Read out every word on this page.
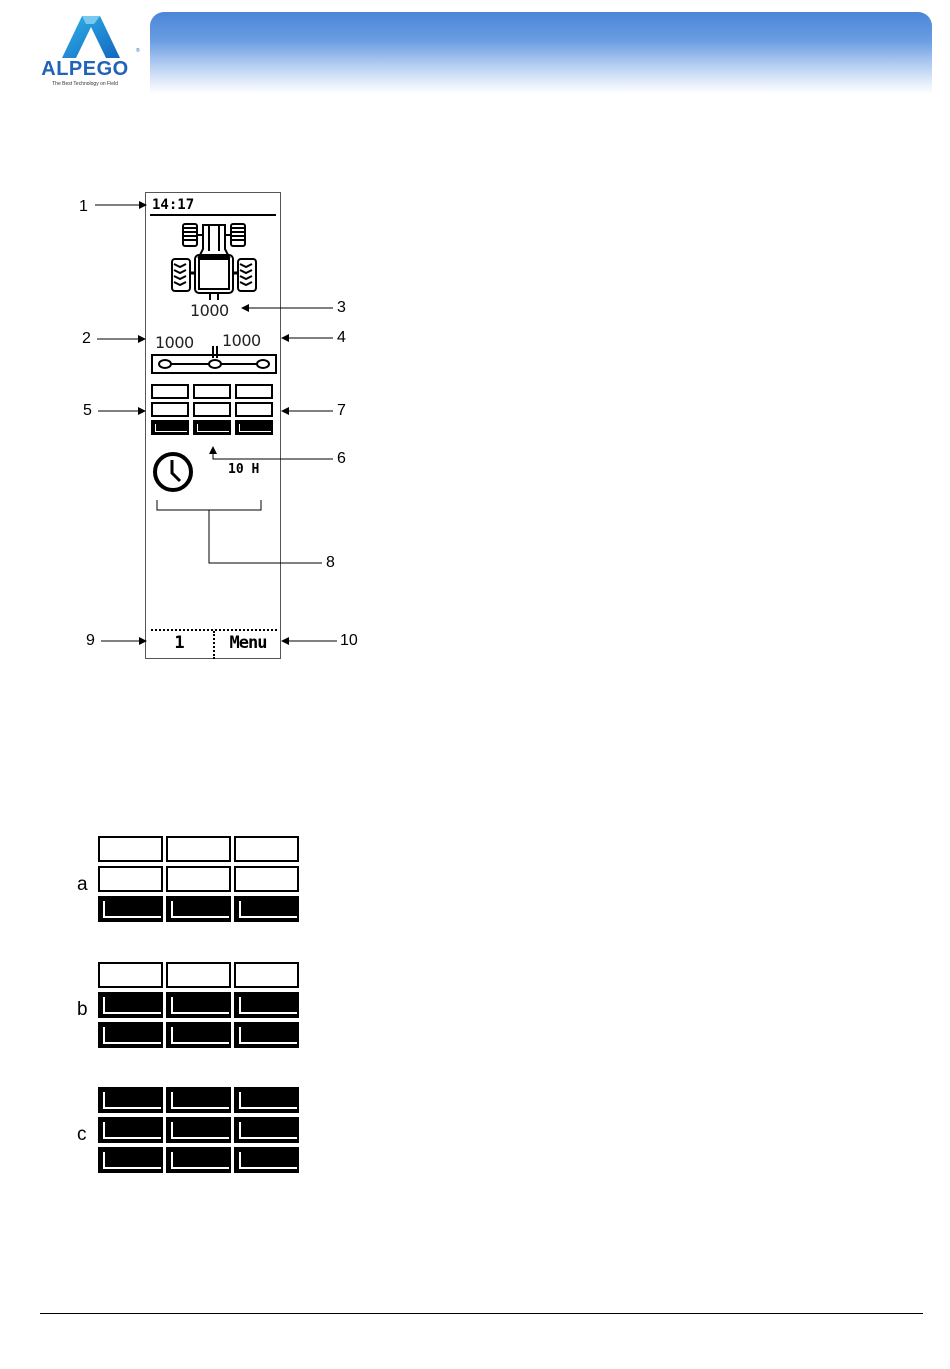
®
ALPEGO
The Best Technology on Field
14:17
1000
1000 1000
10 H
1	Menu
1
2
3
4
5
6
7
8
9	10
a
b
c
